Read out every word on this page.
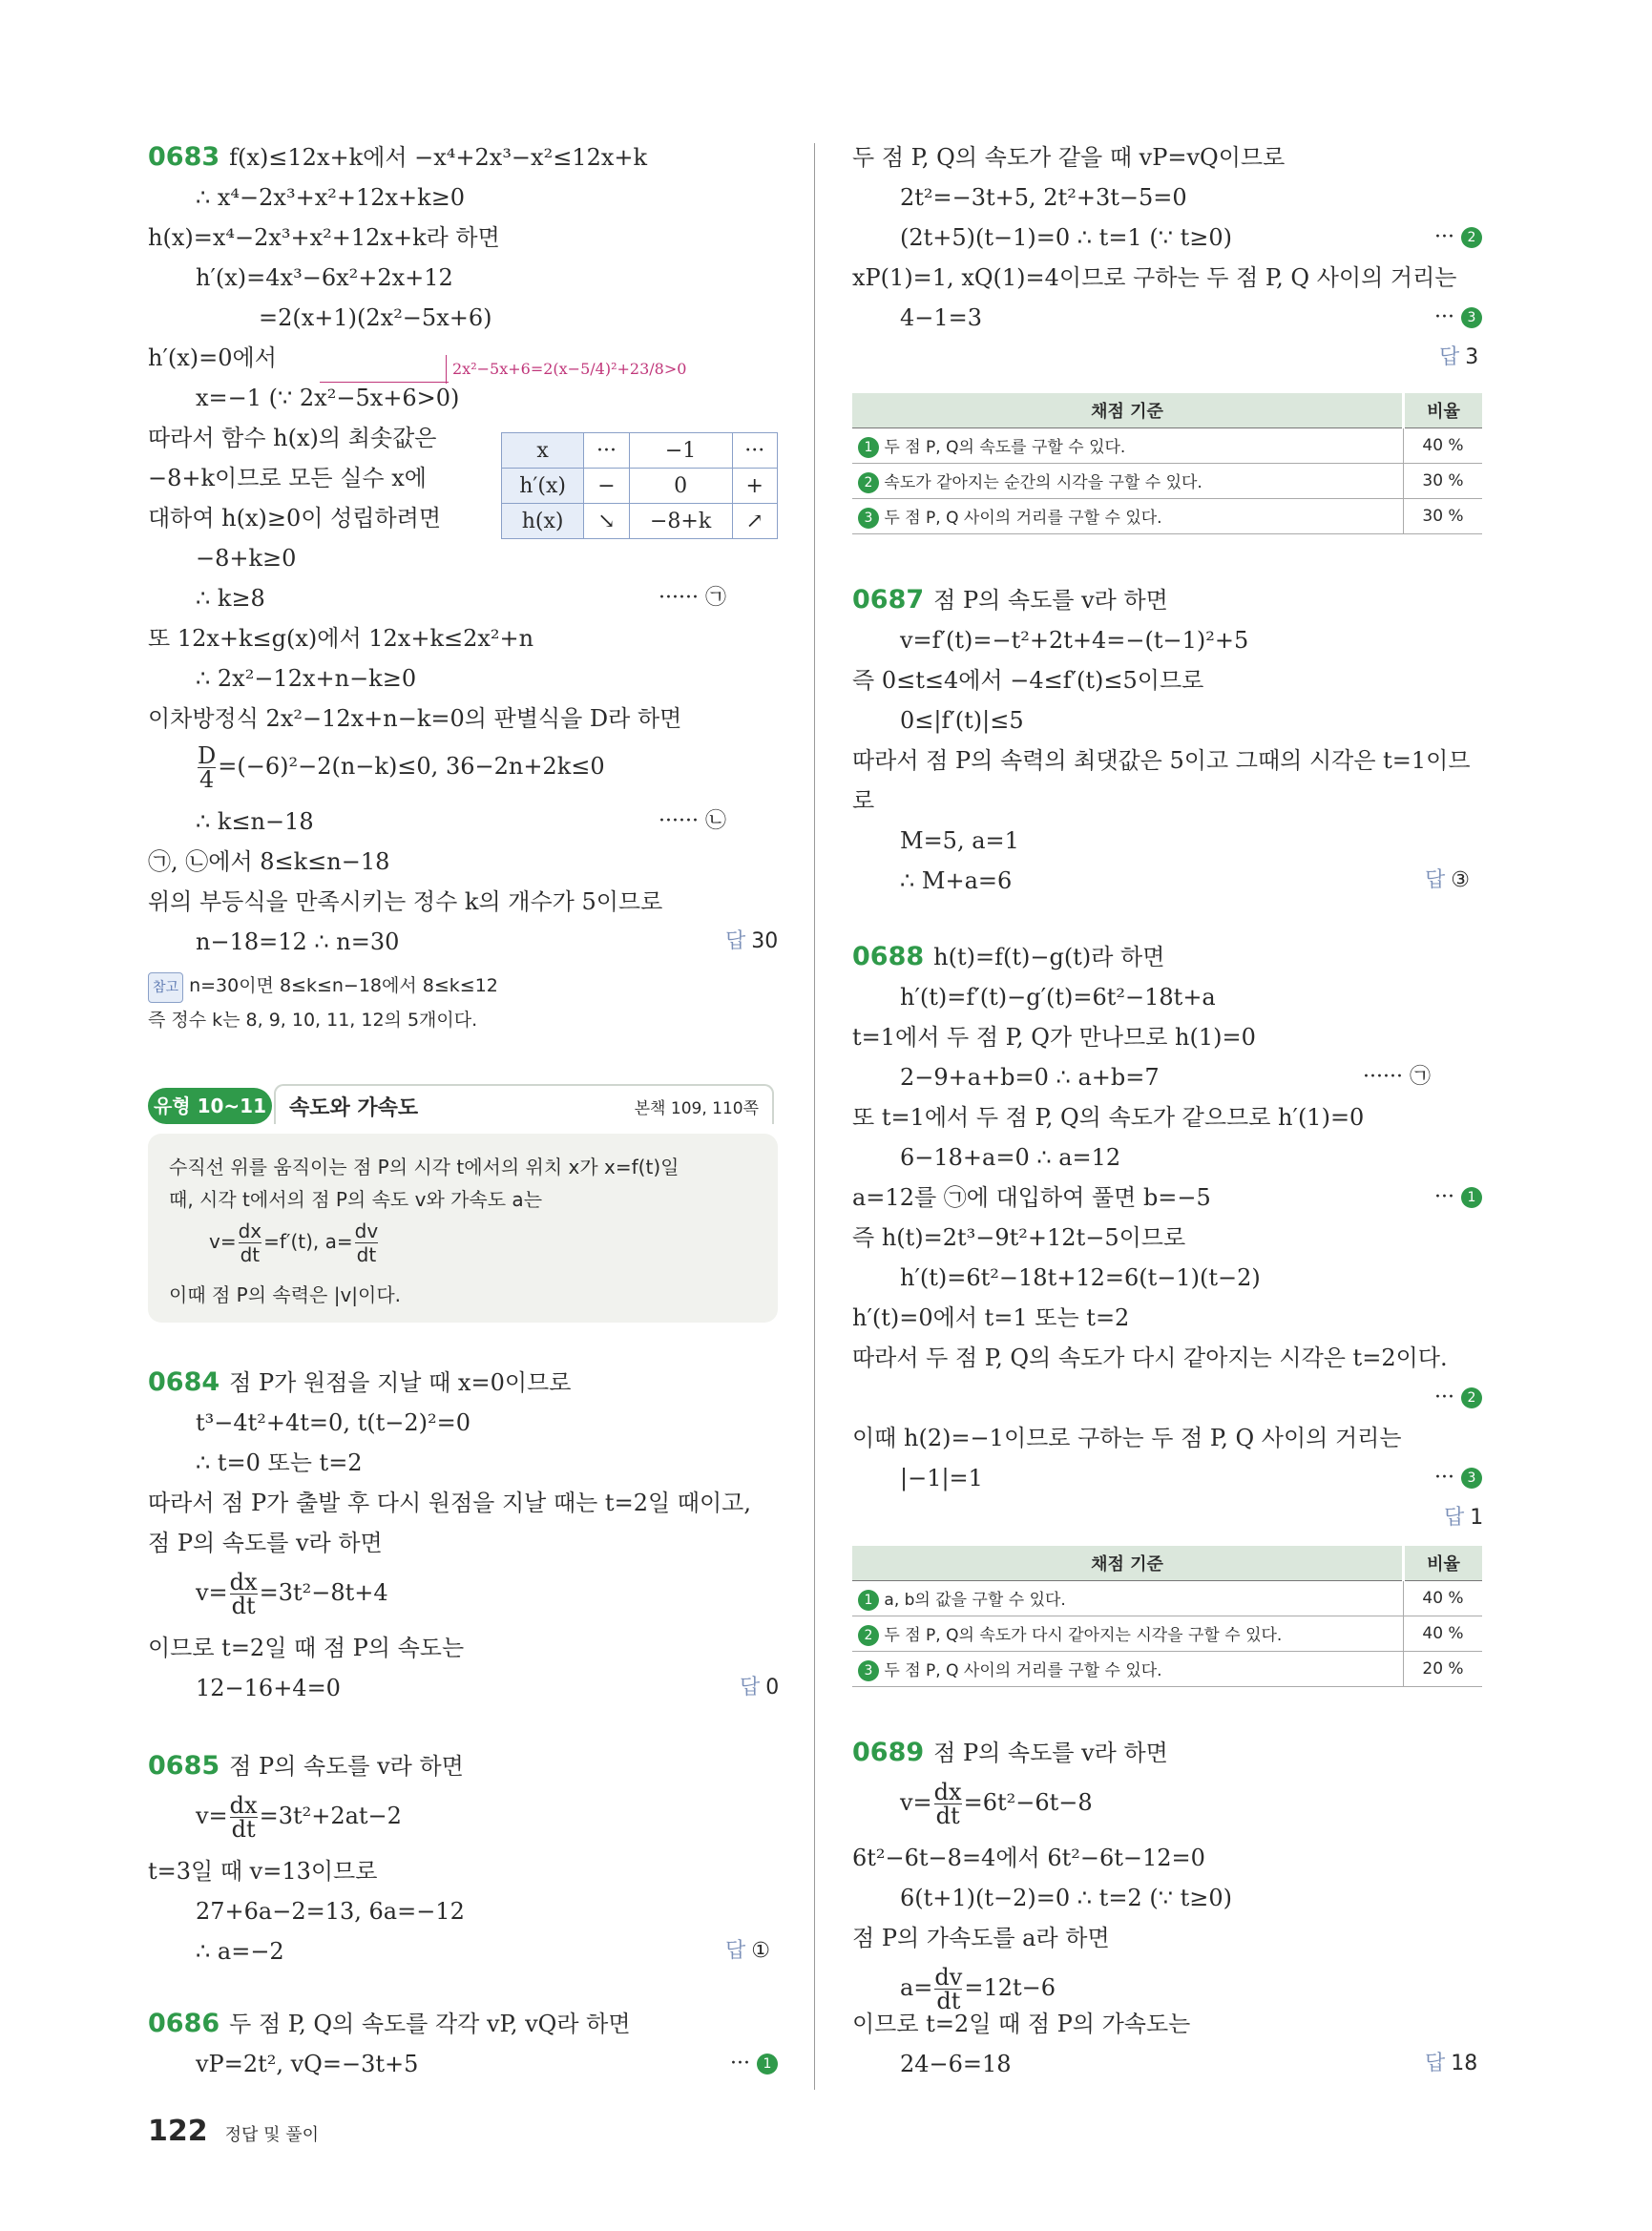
0683 f(x)≤12x+k에서 −x⁴+2x³−x²≤12x+k
∴ x⁴−2x³+x²+12x+k≥0
h(x)=x⁴−2x³+x²+12x+k라 하면
h′(x)=4x³−6x²+2x+12
=2(x+1)(2x²−5x+6)
h′(x)=0에서	2x²−5x+6=2(x−5/4)²+23/8>0
x=−1 (∵ 2x²−5x+6>0)
따라서 함수 h(x)의 최솟값은
−8+k이므로 모든 실수 x에
대하여 h(x)≥0이 성립하려면
−8+k≥0
∴ k≥8	······ ㉠
x	···	−1	···
h′(x)	−	0	+
h(x)	↘	−8+k	↗
또 12x+k≤g(x)에서 12x+k≤2x²+n
∴ 2x²−12x+n−k≥0
이차방정식 2x²−12x+n−k=0의 판별식을 D라 하면
$\frac{D}{4} =(-6)^2-2(n-k)\le 0$, 36−2n+2k≤0
∴ k≤n−18	······ ㉡
㉠, ㉡에서 8≤k≤n−18
위의 부등식을 만족시키는 정수 k의 개수가 5이므로
n−18=12 ∴ n=30	답 30
참고 n=30이면 8≤k≤n−18에서 8≤k≤12
즉 정수 k는 8, 9, 10, 11, 12의 5개이다.
유형 10~11 속도와 가속도	본책 109, 110쪽
수직선 위를 움직이는 점 P의 시각 t에서의 위치 x가 x=f(t)일
때, 시각 t에서의 점 P의 속도 v와 가속도 a는
$v= \frac{dx}{dt} =f'(t)$, $a= \frac{dv}{dt}$
이때 점 P의 속력은 |v|이다.
0684 점 P가 원점을 지날 때 x=0이므로
t³−4t²+4t=0, t(t−2)²=0
∴ t=0 또는 t=2
따라서 점 P가 출발 후 다시 원점을 지날 때는 t=2일 때이고,
점 P의 속도를 v라 하면
$v= \frac{dx}{dt} =3t^2-8t+4$
이므로 t=2일 때 점 P의 속도는
12−16+4=0	답 0
0685 점 P의 속도를 v라 하면
$v= \frac{dx}{dt} =3t^2+2at-2$
t=3일 때 v=13이므로
27+6a−2=13, 6a=−12
∴ a=−2	답 ①
0686 두 점 P, Q의 속도를 각각 vP, vQ라 하면
vP=2t², vQ=−3t+5	··· 1
두 점 P, Q의 속도가 같을 때 vP=vQ이므로
2t²=−3t+5, 2t²+3t−5=0
(2t+5)(t−1)=0 ∴ t=1 (∵ t≥0)	··· 2
xP(1)=1, xQ(1)=4이므로 구하는 두 점 P, Q 사이의 거리는
··· 3
4−1=3
답 3
채점 기준	비율
1 두 점 P, Q의 속도를 구할 수 있다.	40 %
2 속도가 같아지는 순간의 시각을 구할 수 있다.	30 %
3 두 점 P, Q 사이의 거리를 구할 수 있다.	30 %
0687 점 P의 속도를 v라 하면
v=f′(t)=−t²+2t+4=−(t−1)²+5
즉 0≤t≤4에서 −4≤f′(t)≤5이므로
0≤|f′(t)|≤5
따라서 점 P의 속력의 최댓값은 5이고 그때의 시각은 t=1이므
로
M=5, a=1
∴ M+a=6	답 ③
0688 h(t)=f(t)−g(t)라 하면
h′(t)=f′(t)−g′(t)=6t²−18t+a
t=1에서 두 점 P, Q가 만나므로 h(1)=0
2−9+a+b=0 ∴ a+b=7	······ ㉠
또 t=1에서 두 점 P, Q의 속도가 같으므로 h′(1)=0
6−18+a=0 ∴ a=12
a=12를 ㉠에 대입하여 풀면 b=−5	··· 1
즉 h(t)=2t³−9t²+12t−5이므로
h′(t)=6t²−18t+12=6(t−1)(t−2)
h′(t)=0에서 t=1 또는 t=2
따라서 두 점 P, Q의 속도가 다시 같아지는 시각은 t=2이다.
··· 2
이때 h(2)=−1이므로 구하는 두 점 P, Q 사이의 거리는
|−1|=1	··· 3
답 1
채점 기준	비율
1 a, b의 값을 구할 수 있다.	40 %
2 두 점 P, Q의 속도가 다시 같아지는 시각을 구할 수 있다.	40 %
3 두 점 P, Q 사이의 거리를 구할 수 있다.	20 %
0689 점 P의 속도를 v라 하면
$v= \frac{dx}{dt} =6t^2-6t-8$
6t²−6t−8=4에서 6t²−6t−12=0
6(t+1)(t−2)=0 ∴ t=2 (∵ t≥0)
점 P의 가속도를 a라 하면
$a= \frac{dv}{dt} =12t-6$
이므로 t=2일 때 점 P의 가속도는
24−6=18	답 18
122 정답 및 풀이
